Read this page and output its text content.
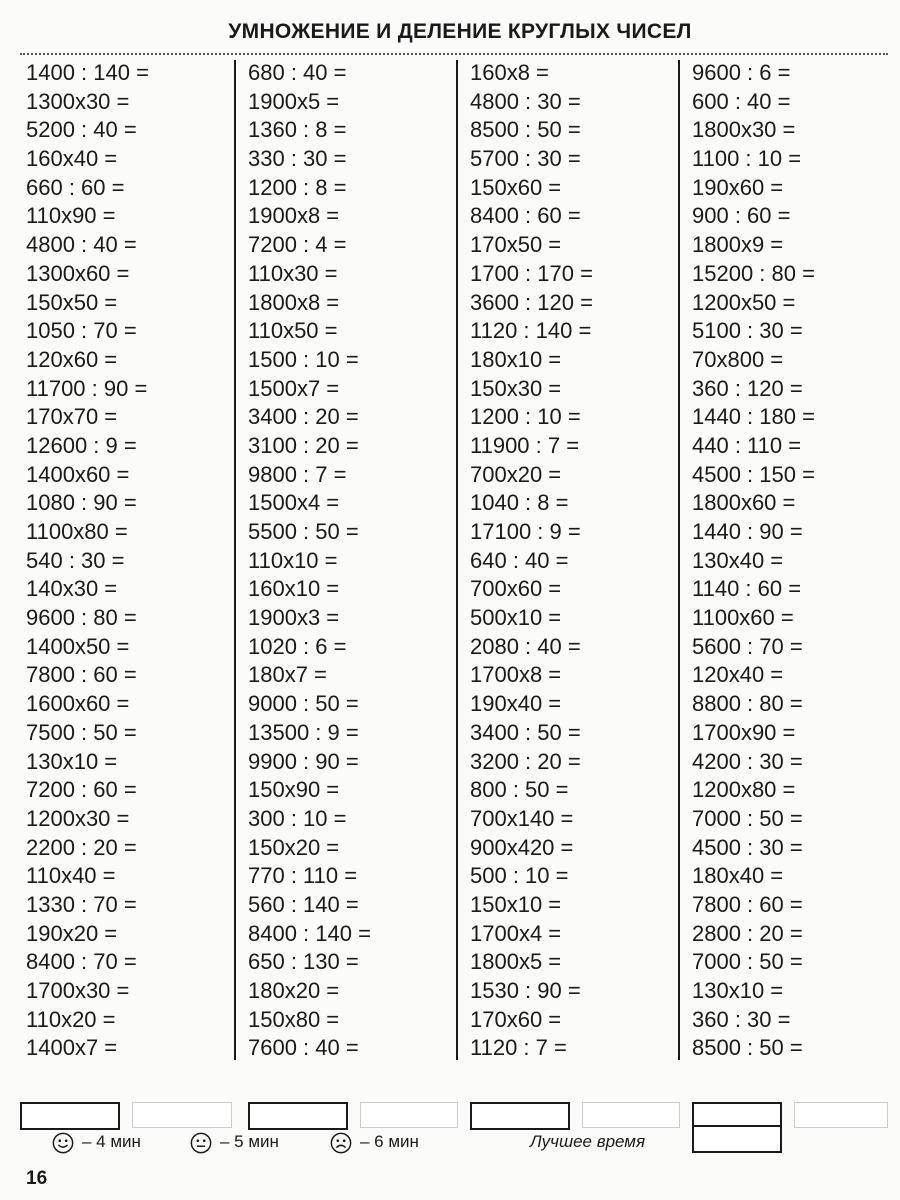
УМНОЖЕНИЕ И ДЕЛЕНИЕ КРУГЛЫХ ЧИСЕЛ
1400 : 140 =
1300x30 =
5200 : 40 =
160x40 =
660 : 60 =
110x90 =
4800 : 40 =
1300x60 =
150x50 =
1050 : 70 =
120x60 =
11700 : 90 =
170x70 =
12600 : 9 =
1400x60 =
1080 : 90 =
1100x80 =
540 : 30 =
140x30 =
9600 : 80 =
1400x50 =
7800 : 60 =
1600x60 =
7500 : 50 =
130x10 =
7200 : 60 =
1200x30 =
2200 : 20 =
110x40 =
1330 : 70 =
190x20 =
8400 : 70 =
1700x30 =
110x20 =
1400x7 =
680 : 40 =
1900x5 =
1360 : 8 =
330 : 30 =
1200 : 8 =
1900x8 =
7200 : 4 =
110x30 =
1800x8 =
110x50 =
1500 : 10 =
1500x7 =
3400 : 20 =
3100 : 20 =
9800 : 7 =
1500x4 =
5500 : 50 =
110x10 =
160x10 =
1900x3 =
1020 : 6 =
180x7 =
9000 : 50 =
13500 : 9 =
9900 : 90 =
150x90 =
300 : 10 =
150x20 =
770 : 110 =
560 : 140 =
8400 : 140 =
650 : 130 =
180x20 =
150x80 =
7600 : 40 =
160x8 =
4800 : 30 =
8500 : 50 =
5700 : 30 =
150x60 =
8400 : 60 =
170x50 =
1700 : 170 =
3600 : 120 =
1120 : 140 =
180x10 =
150x30 =
1200 : 10 =
11900 : 7 =
700x20 =
1040 : 8 =
17100 : 9 =
640 : 40 =
700x60 =
500x10 =
2080 : 40 =
1700x8 =
190x40 =
3400 : 50 =
3200 : 20 =
800 : 50 =
700x140 =
900x420 =
500 : 10 =
150x10 =
1700x4 =
1800x5 =
1530 : 90 =
170x60 =
1120 : 7 =
9600 : 6 =
600 : 40 =
1800x30 =
1100 : 10 =
190x60 =
900 : 60 =
1800x9 =
15200 : 80 =
1200x50 =
5100 : 30 =
70x800 =
360 : 120 =
1440 : 180 =
440 : 110 =
4500 : 150 =
1800x60 =
1440 : 90 =
130x40 =
1140 : 60 =
1100x60 =
5600 : 70 =
120x40 =
8800 : 80 =
1700x90 =
4200 : 30 =
1200x80 =
7000 : 50 =
4500 : 30 =
180x40 =
7800 : 60 =
2800 : 20 =
7000 : 50 =
130x10 =
360 : 30 =
8500 : 50 =
– 4 мин	– 5 мин	– 6 мин	Лучшее время
16
